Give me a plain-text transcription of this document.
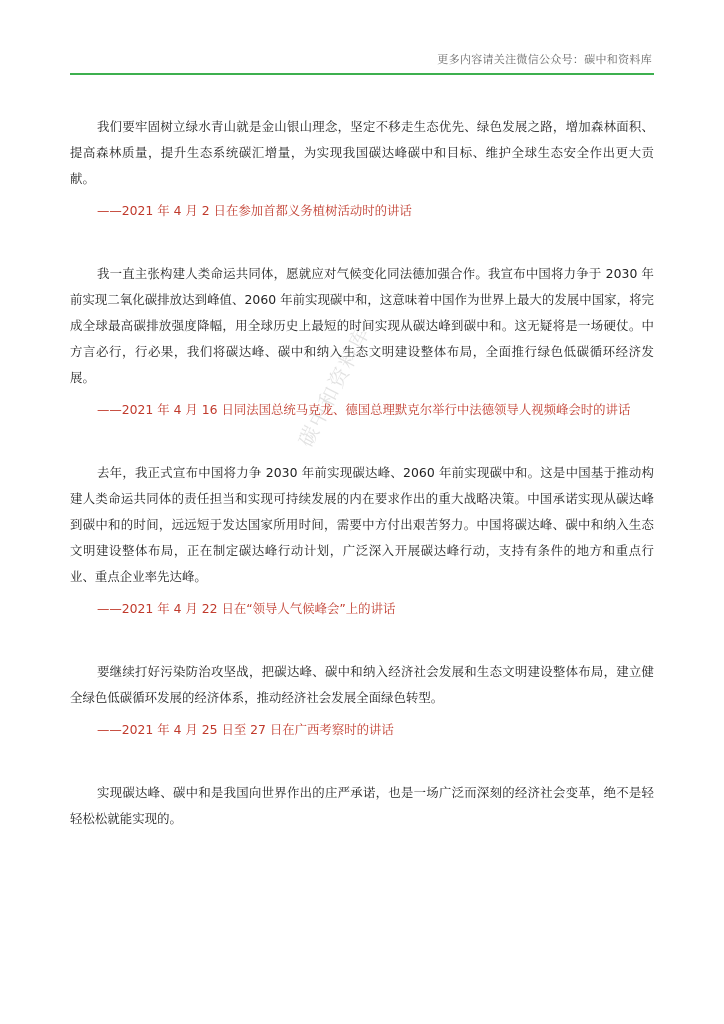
更多内容请关注微信公众号：碳中和资料库
碳中和资料库

我们要牢固树立绿水青山就是金山银山理念，坚定不移走生态优先、绿色发展之路，增加森林面积、提高森林质量，提升生态系统碳汇增量，为实现我国碳达峰碳中和目标、维护全球生态安全作出更大贡献。

——2021 年 4 月 2 日在参加首都义务植树活动时的讲话

我一直主张构建人类命运共同体，愿就应对气候变化同法德加强合作。我宣布中国将力争于 2030 年前实现二氧化碳排放达到峰值、2060 年前实现碳中和，这意味着中国作为世界上最大的发展中国家，将完成全球最高碳排放强度降幅，用全球历史上最短的时间实现从碳达峰到碳中和。这无疑将是一场硬仗。中方言必行，行必果，我们将碳达峰、碳中和纳入生态文明建设整体布局，全面推行绿色低碳循环经济发展。

——2021 年 4 月 16 日同法国总统马克龙、德国总理默克尔举行中法德领导人视频峰会时的讲话

去年，我正式宣布中国将力争 2030 年前实现碳达峰、2060 年前实现碳中和。这是中国基于推动构建人类命运共同体的责任担当和实现可持续发展的内在要求作出的重大战略决策。中国承诺实现从碳达峰到碳中和的时间，远远短于发达国家所用时间，需要中方付出艰苦努力。中国将碳达峰、碳中和纳入生态文明建设整体布局，正在制定碳达峰行动计划，广泛深入开展碳达峰行动，支持有条件的地方和重点行业、重点企业率先达峰。

——2021 年 4 月 22 日在“领导人气候峰会”上的讲话

要继续打好污染防治攻坚战，把碳达峰、碳中和纳入经济社会发展和生态文明建设整体布局，建立健全绿色低碳循环发展的经济体系，推动经济社会发展全面绿色转型。

——2021 年 4 月 25 日至 27 日在广西考察时的讲话

实现碳达峰、碳中和是我国向世界作出的庄严承诺，也是一场广泛而深刻的经济社会变革，绝不是轻轻松松就能实现的。
